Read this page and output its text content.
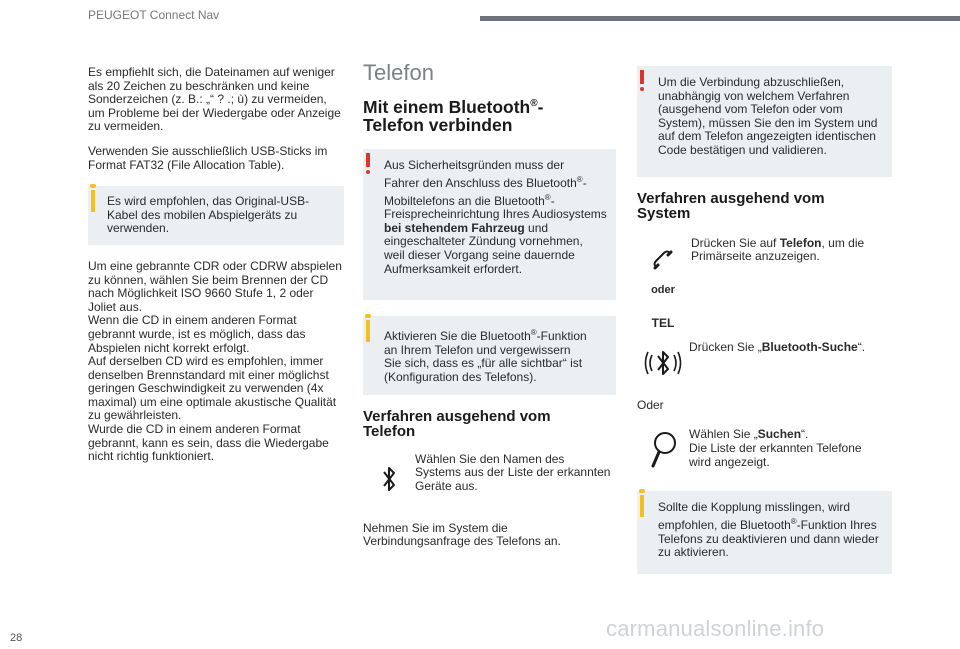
PEUGEOT Connect Nav

Es empfiehlt sich, die Dateinamen auf weniger
als 20 Zeichen zu beschränken und keine
Sonderzeichen (z. B.: „“ ? .; ù) zu vermeiden,
um Probleme bei der Wiedergabe oder Anzeige
zu vermeiden.

Verwenden Sie ausschließlich USB-Sticks im
Format FAT32 (File Allocation Table).

Es wird empfohlen, das Original-USB-
Kabel des mobilen Abspielgeräts zu
verwenden.

Um eine gebrannte CDR oder CDRW abspielen
zu können, wählen Sie beim Brennen der CD
nach Möglichkeit ISO 9660 Stufe 1, 2 oder
Joliet aus.
Wenn die CD in einem anderen Format
gebrannt wurde, ist es möglich, dass das
Abspielen nicht korrekt erfolgt.
Auf derselben CD wird es empfohlen, immer
denselben Brennstandard mit einer möglichst
geringen Geschwindigkeit zu verwenden (4x
maximal) um eine optimale akustische Qualität
zu gewährleisten.
Wurde die CD in einem anderen Format
gebrannt, kann es sein, dass die Wiedergabe
nicht richtig funktioniert.

Telefon
Mit einem Bluetooth®-
Telefon verbinden
Aus Sicherheitsgründen muss der
Fahrer den Anschluss des Bluetooth®-
Mobiltelefons an die Bluetooth®-
Freisprecheinrichtung Ihres Audiosystems
bei stehendem Fahrzeug und
eingeschalteter Zündung vornehmen,
weil dieser Vorgang seine dauernde
Aufmerksamkeit erfordert.
Aktivieren Sie die Bluetooth®-Funktion
an Ihrem Telefon und vergewissern
Sie sich, dass es „für alle sichtbar“ ist
(Konfiguration des Telefons).
Verfahren ausgehend vom
Telefon
Wählen Sie den Namen des
Systems aus der Liste der erkannten
Geräte aus.

Nehmen Sie im System die
Verbindungsanfrage des Telefons an.

Um die Verbindung abzuschließen,
unabhängig von welchem Verfahren
(ausgehend vom Telefon oder vom
System), müssen Sie den im System und
auf dem Telefon angezeigten identischen
Code bestätigen und validieren.
Verfahren ausgehend vom
System
oder
TEL
Drücken Sie auf Telefon, um die
Primärseite anzuzeigen.
Drücken Sie „Bluetooth-Suche“.

Oder

Wählen Sie „Suchen“.
Die Liste der erkannten Telefone
wird angezeigt.
Sollte die Kopplung misslingen, wird
empfohlen, die Bluetooth®-Funktion Ihres
Telefons zu deaktivieren und dann wieder
zu aktivieren.
28	carmanualsonline.info
